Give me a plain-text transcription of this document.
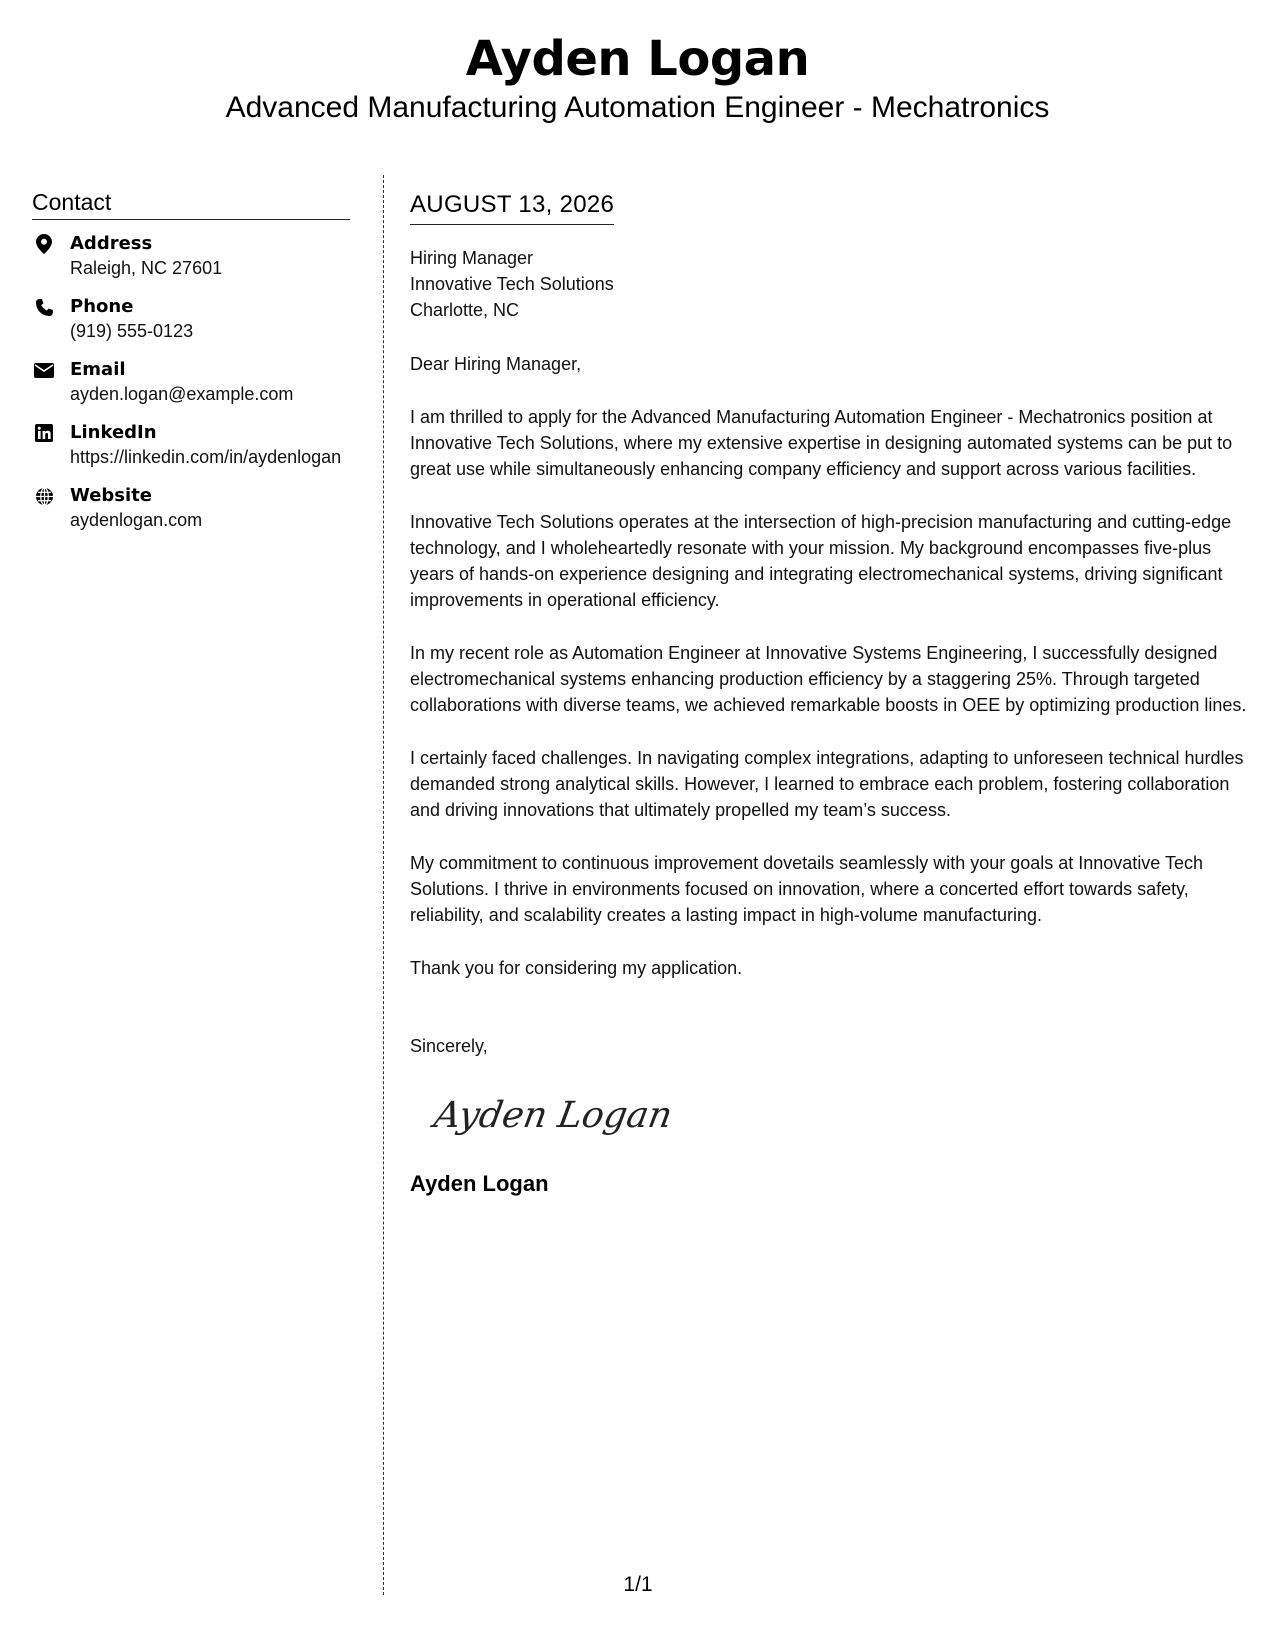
Ayden Logan
Advanced Manufacturing Automation Engineer - Mechatronics
Contact
Address
Raleigh, NC 27601
Phone
(919) 555-0123
Email
ayden.logan@example.com
LinkedIn
https://linkedin.com/in/aydenlogan
Website
aydenlogan.com
AUGUST 13, 2026
Hiring Manager
Innovative Tech Solutions
Charlotte, NC
Dear Hiring Manager,
I am thrilled to apply for the Advanced Manufacturing Automation Engineer - Mechatronics position at Innovative Tech Solutions, where my extensive expertise in designing automated systems can be put to great use while simultaneously enhancing company efficiency and support across various facilities.
Innovative Tech Solutions operates at the intersection of high-precision manufacturing and cutting-edge technology, and I wholeheartedly resonate with your mission. My background encompasses five-plus years of hands-on experience designing and integrating electromechanical systems, driving significant improvements in operational efficiency.
In my recent role as Automation Engineer at Innovative Systems Engineering, I successfully designed electromechanical systems enhancing production efficiency by a staggering 25%. Through targeted collaborations with diverse teams, we achieved remarkable boosts in OEE by optimizing production lines.
I certainly faced challenges. In navigating complex integrations, adapting to unforeseen technical hurdles demanded strong analytical skills. However, I learned to embrace each problem, fostering collaboration and driving innovations that ultimately propelled my team’s success.
My commitment to continuous improvement dovetails seamlessly with your goals at Innovative Tech Solutions. I thrive in environments focused on innovation, where a concerted effort towards safety, reliability, and scalability creates a lasting impact in high-volume manufacturing.
Thank you for considering my application.
Sincerely,
Ayden Logan
Ayden Logan
1/1
